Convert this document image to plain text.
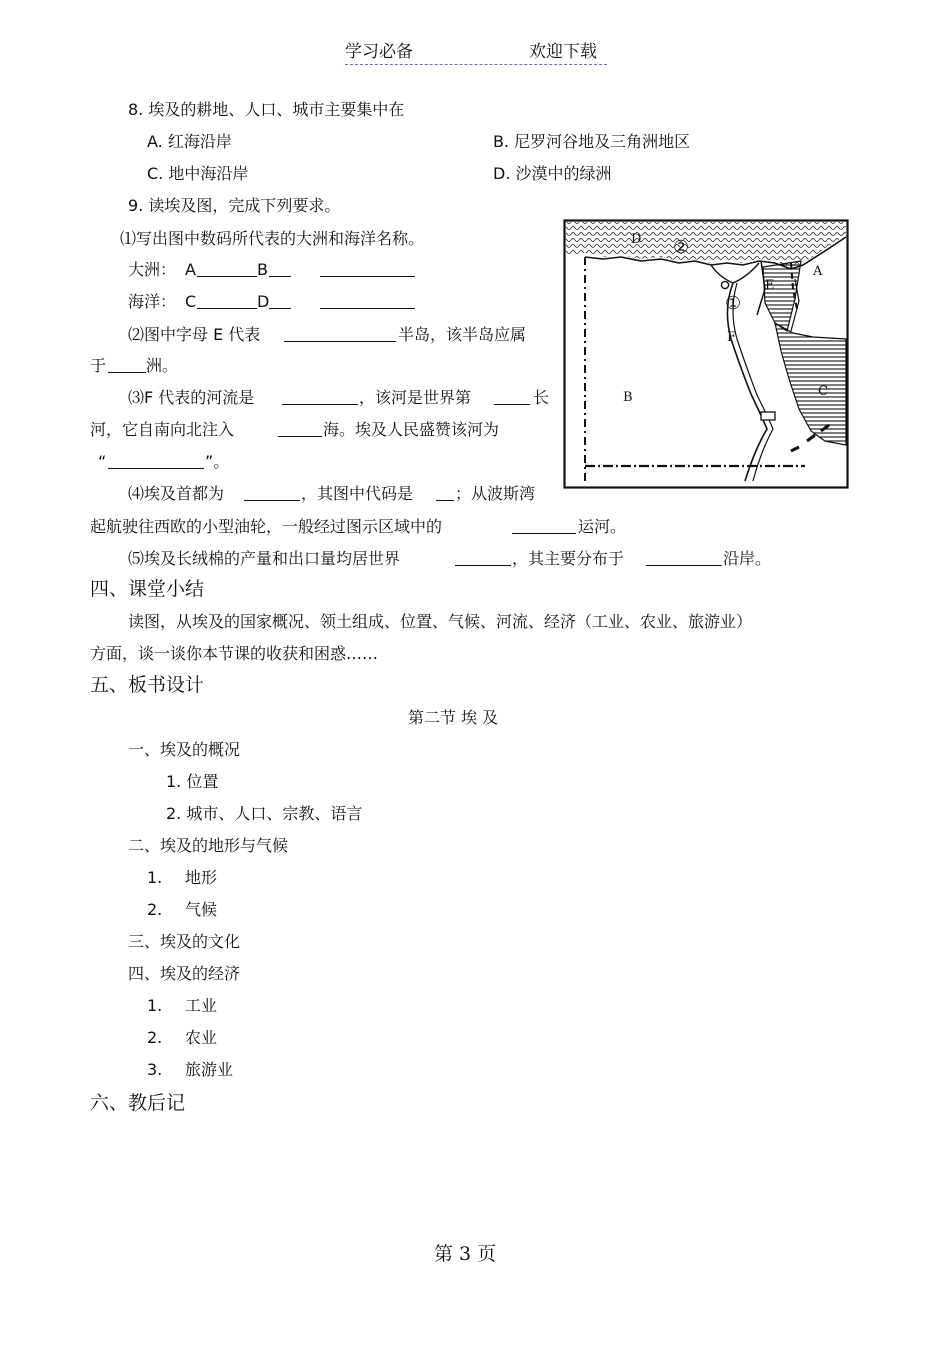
学习必备	欢迎下载
8. 埃及的耕地、人口、城市主要集中在
A. 红海沿岸	B. 尼罗河谷地及三角洲地区
C. 地中海沿岸	D. 沙漠中的绿洲
9. 读埃及图，完成下列要求。
⑴写出图中数码所代表的大洲和海洋名称。
大洲： A	B
海洋： C	D
⑵图中字母 E 代表	半岛，该半岛应属
于 洲。
⑶F 代表的河流是	，该河是世界第	长
河，它自南向北注入	海。埃及人民盛赞该河为
“	”。
⑷埃及首都为	，其图中代码是	；从波斯湾
起航驶往西欧的小型油轮，一般经过图示区域中的	运河。
⑸埃及长绒棉的产量和出口量均居世界	，其主要分布于	沿岸。
D ②
A
E
①
F
B	C
四、课堂小结
读图，从埃及的国家概况、领土组成、位置、气候、河流、经济（工业、农业、旅游业）
方面，谈一谈你本节课的收获和困惑……
五、板书设计
第二节 埃 及
一、埃及的概况
1. 位置
2. 城市、人口、宗教、语言
二、埃及的地形与气候
1. 地形
2. 气候
三、埃及的文化
四、埃及的经济
1. 工业
2. 农业
3. 旅游业
六、教后记
第 3 页
